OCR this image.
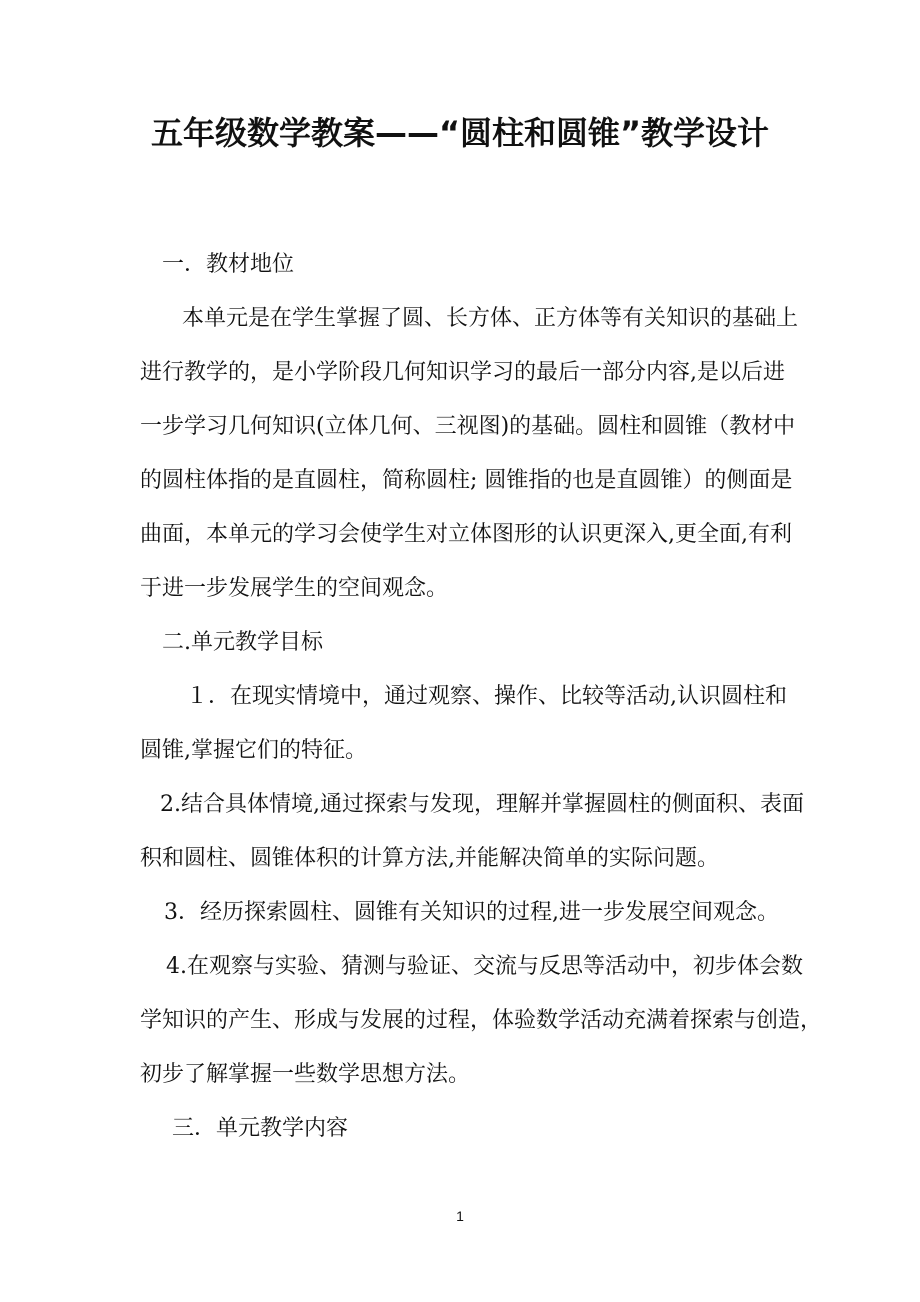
五年级数学教案——“圆柱和圆锥”教学设计

一．教材地位

本单元是在学生掌握了圆、长方体、正方体等有关知识的基础上

进行教学的，是小学阶段几何知识学习的最后一部分内容,是以后进

一步学习几何知识(立体几何、三视图)的基础。圆柱和圆锥（教材中

的圆柱体指的是直圆柱，简称圆柱; 圆锥指的也是直圆锥）的侧面是

曲面，本单元的学习会使学生对立体图形的认识更深入,更全面,有利

于进一步发展学生的空间观念。

二.单元教学目标

１．在现实情境中，通过观察、操作、比较等活动,认识圆柱和

圆锥,掌握它们的特征。

2.结合具体情境,通过探索与发现，理解并掌握圆柱的侧面积、表面

积和圆柱、圆锥体积的计算方法,并能解决简单的实际问题。

3．经历探索圆柱、圆锥有关知识的过程,进一步发展空间观念。

4.在观察与实验、猜测与验证、交流与反思等活动中，初步体会数

学知识的产生、形成与发展的过程，体验数学活动充满着探索与创造，

初步了解掌握一些数学思想方法。

三．单元教学内容

1
